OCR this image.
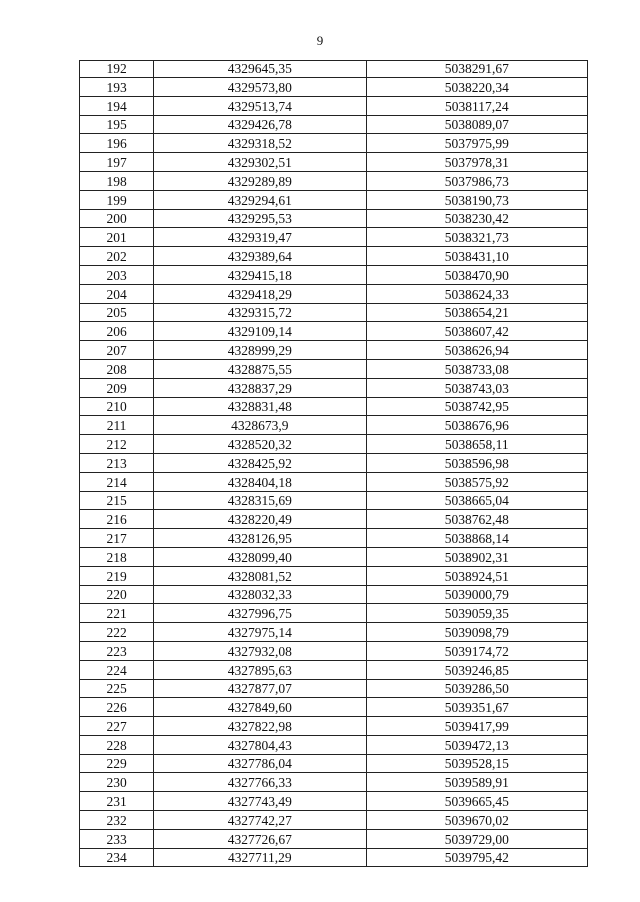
9
192	4329645,35	5038291,67
193	4329573,80	5038220,34
194	4329513,74	5038117,24
195	4329426,78	5038089,07
196	4329318,52	5037975,99
197	4329302,51	5037978,31
198	4329289,89	5037986,73
199	4329294,61	5038190,73
200	4329295,53	5038230,42
201	4329319,47	5038321,73
202	4329389,64	5038431,10
203	4329415,18	5038470,90
204	4329418,29	5038624,33
205	4329315,72	5038654,21
206	4329109,14	5038607,42
207	4328999,29	5038626,94
208	4328875,55	5038733,08
209	4328837,29	5038743,03
210	4328831,48	5038742,95
211	4328673,9	5038676,96
212	4328520,32	5038658,11
213	4328425,92	5038596,98
214	4328404,18	5038575,92
215	4328315,69	5038665,04
216	4328220,49	5038762,48
217	4328126,95	5038868,14
218	4328099,40	5038902,31
219	4328081,52	5038924,51
220	4328032,33	5039000,79
221	4327996,75	5039059,35
222	4327975,14	5039098,79
223	4327932,08	5039174,72
224	4327895,63	5039246,85
225	4327877,07	5039286,50
226	4327849,60	5039351,67
227	4327822,98	5039417,99
228	4327804,43	5039472,13
229	4327786,04	5039528,15
230	4327766,33	5039589,91
231	4327743,49	5039665,45
232	4327742,27	5039670,02
233	4327726,67	5039729,00
234	4327711,29	5039795,42
